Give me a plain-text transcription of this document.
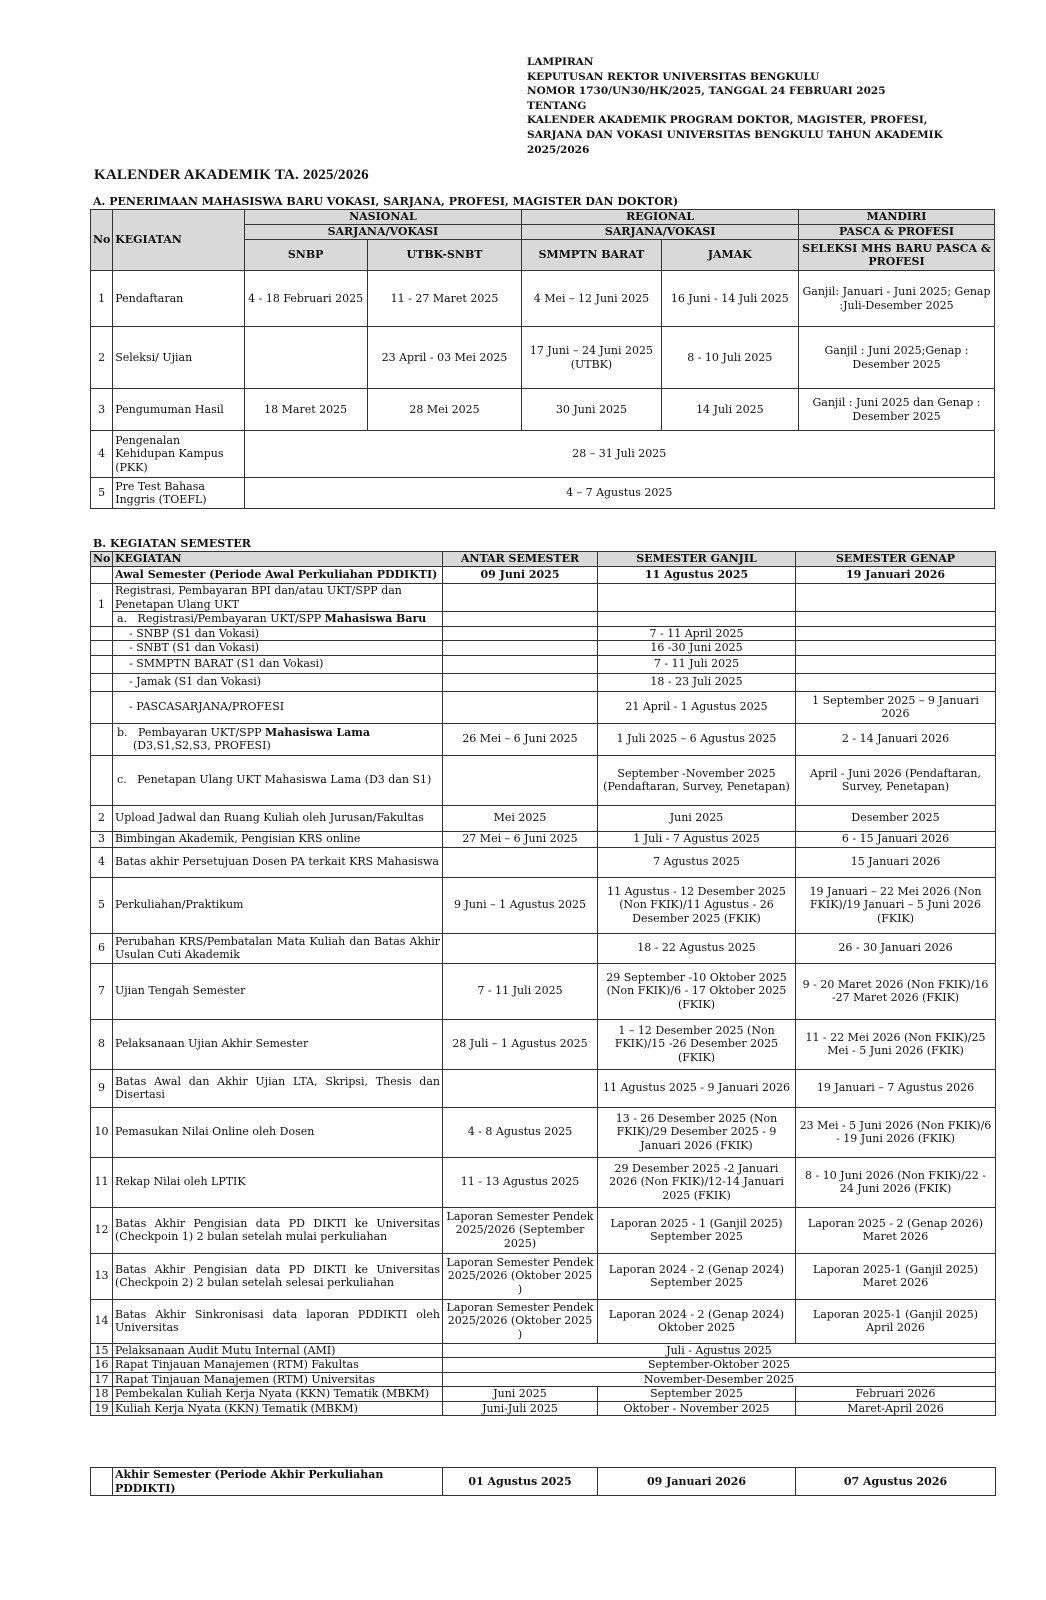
LAMPIRAN
KEPUTUSAN REKTOR UNIVERSITAS BENGKULU
NOMOR 1730/UN30/HK/2025, TANGGAL 24 FEBRUARI 2025
TENTANG
KALENDER AKADEMIK PROGRAM DOKTOR, MAGISTER, PROFESI,
SARJANA DAN VOKASI UNIVERSITAS BENGKULU TAHUN AKADEMIK
2025/2026
KALENDER AKADEMIK TA. 2025/2026
A. PENERIMAAN MAHASISWA BARU VOKASI, SARJANA, PROFESI, MAGISTER DAN DOKTOR)
No	KEGIATAN	NASIONAL		REGIONAL		MANDIRI
		SARJANA/VOKASI		SARJANA/VOKASI		PASCA & PROFESI
		SNBP	UTBK-SNBT	SMMPTN BARAT	JAMAK	SELEKSI MHS BARU PASCA & PROFESI
1	Pendaftaran	4 - 18 Februari 2025	11 - 27 Maret 2025	4 Mei – 12 Juni 2025	16 Juni - 14 Juli 2025	Ganjil: Januari - Juni 2025; Genap :Juli-Desember 2025
2	Seleksi/ Ujian		23 April - 03 Mei 2025	17 Juni – 24 Juni 2025 (UTBK)	8 - 10 Juli 2025	Ganjil : Juni 2025;Genap : Desember 2025
3	Pengumuman Hasil	18 Maret 2025	28 Mei 2025	30 Juni 2025	14 Juli 2025	Ganjil : Juni 2025 dan Genap : Desember 2025
4	Pengenalan Kehidupan Kampus (PKK)	28 – 31 Juli 2025				
5	Pre Test Bahasa Inggris (TOEFL)	4 – 7 Agustus 2025				
B. KEGIATAN SEMESTER
No	KEGIATAN	ANTAR SEMESTER	SEMESTER GANJIL	SEMESTER GENAP
	Awal Semester (Periode Awal Perkuliahan PDDIKTI)	09 Juni 2025	11 Agustus 2025	19 Januari 2026
1	Registrasi, Pembayaran BPI dan/atau UKT/SPP dan Penetapan Ulang UKT			
	a.   Registrasi/Pembayaran UKT/SPP Mahasiswa Baru			
	- SNBP (S1 dan Vokasi)		7 - 11 April 2025	
	- SNBT (S1 dan Vokasi)		16 -30 Juni 2025	
	- SMMPTN BARAT (S1 dan Vokasi)		7 - 11 Juli 2025	
	- Jamak (S1 dan Vokasi)		18 - 23 Juli 2025	
	- PASCASARJANA/PROFESI		21 April - 1 Agustus 2025	1 September 2025 – 9 Januari 2026
	b.   Pembayaran UKT/SPP Mahasiswa Lama
(D3,S1,S2,S3, PROFESI)	26 Mei – 6 Juni 2025	1 Juli 2025 – 6 Agustus 2025	2 - 14 Januari 2026
	c.   Penetapan Ulang UKT Mahasiswa Lama (D3 dan S1)		September -November 2025 (Pendaftaran, Survey, Penetapan)	April - Juni 2026 (Pendaftaran, Survey, Penetapan)
2	Upload Jadwal dan Ruang Kuliah oleh Jurusan/Fakultas	Mei 2025	Juni 2025	Desember 2025
3	Bimbingan Akademik, Pengisian KRS online	27 Mei – 6 Juni 2025	1 Juli - 7 Agustus 2025	6 - 15 Januari 2026
4	Batas akhir Persetujuan Dosen PA terkait KRS Mahasiswa		7 Agustus 2025	15 Januari 2026
5	Perkuliahan/Praktikum	9 Juni – 1 Agustus 2025	11 Agustus - 12 Desember 2025 (Non FKIK)/11 Agustus - 26 Desember 2025 (FKIK)	19 Januari – 22 Mei 2026 (Non FKIK)/19 Januari – 5 Juni 2026 (FKIK)
6	Perubahan KRS/Pembatalan Mata Kuliah dan Batas Akhir Usulan Cuti Akademik		18 - 22 Agustus 2025	26 - 30 Januari 2026
7	Ujian Tengah Semester	7 - 11 Juli 2025	29 September -10 Oktober 2025 (Non FKIK)/6 - 17 Oktober 2025 (FKIK)	9 - 20 Maret 2026 (Non FKIK)/16 -27 Maret 2026 (FKIK)
8	Pelaksanaan Ujian Akhir Semester	28 Juli – 1 Agustus 2025	1 – 12 Desember 2025 (Non FKIK)/15 -26 Desember 2025 (FKIK)	11 - 22 Mei 2026 (Non FKIK)/25 Mei - 5 Juni 2026 (FKIK)
9	Batas Awal dan Akhir Ujian LTA, Skripsi, Thesis dan Disertasi		11 Agustus 2025 - 9 Januari 2026	19 Januari – 7 Agustus 2026
10	Pemasukan Nilai Online oleh Dosen	4 - 8 Agustus 2025	13 - 26 Desember 2025 (Non FKIK)/29 Desember 2025 - 9 Januari 2026 (FKIK)	23 Mei - 5 Juni 2026 (Non FKIK)/6 - 19 Juni 2026 (FKIK)
11	Rekap Nilai oleh LPTIK	11 - 13 Agustus 2025	29 Desember 2025 -2 Januari 2026 (Non FKIK)/12-14 Januari 2025 (FKIK)	8 - 10 Juni 2026 (Non FKIK)/22 - 24 Juni 2026 (FKIK)
12	Batas Akhir Pengisian data PD DIKTI ke Universitas (Checkpoin 1) 2 bulan setelah mulai perkuliahan	Laporan Semester Pendek 2025/2026 (September 2025)	Laporan 2025 - 1 (Ganjil 2025) September 2025	Laporan 2025 - 2 (Genap 2026) Maret 2026
13	Batas Akhir Pengisian data PD DIKTI ke Universitas (Checkpoin 2) 2 bulan setelah selesai perkuliahan	Laporan Semester Pendek 2025/2026 (Oktober 2025 )	Laporan 2024 - 2 (Genap 2024) September 2025	Laporan 2025-1 (Ganjil 2025) Maret 2026
14	Batas Akhir Sinkronisasi data laporan PDDIKTI oleh Universitas	Laporan Semester Pendek 2025/2026 (Oktober 2025 )	Laporan 2024 - 2 (Genap 2024) Oktober 2025	Laporan 2025-1 (Ganjil 2025) April 2026
15	Pelaksanaan Audit Mutu Internal (AMI)	Juli - Agustus 2025		
16	Rapat Tinjauan Manajemen (RTM) Fakultas	September-Oktober 2025		
17	Rapat Tinjauan Manajemen (RTM) Universitas	November-Desember 2025		
18	Pembekalan Kuliah Kerja Nyata (KKN) Tematik (MBKM)	Juni 2025	September 2025	Februari 2026
19	Kuliah Kerja Nyata (KKN) Tematik (MBKM)	Juni-Juli 2025	Oktober - November 2025	Maret-April 2026
	Akhir Semester (Periode Akhir Perkuliahan PDDIKTI)	01 Agustus 2025	09 Januari 2026	07 Agustus 2026
